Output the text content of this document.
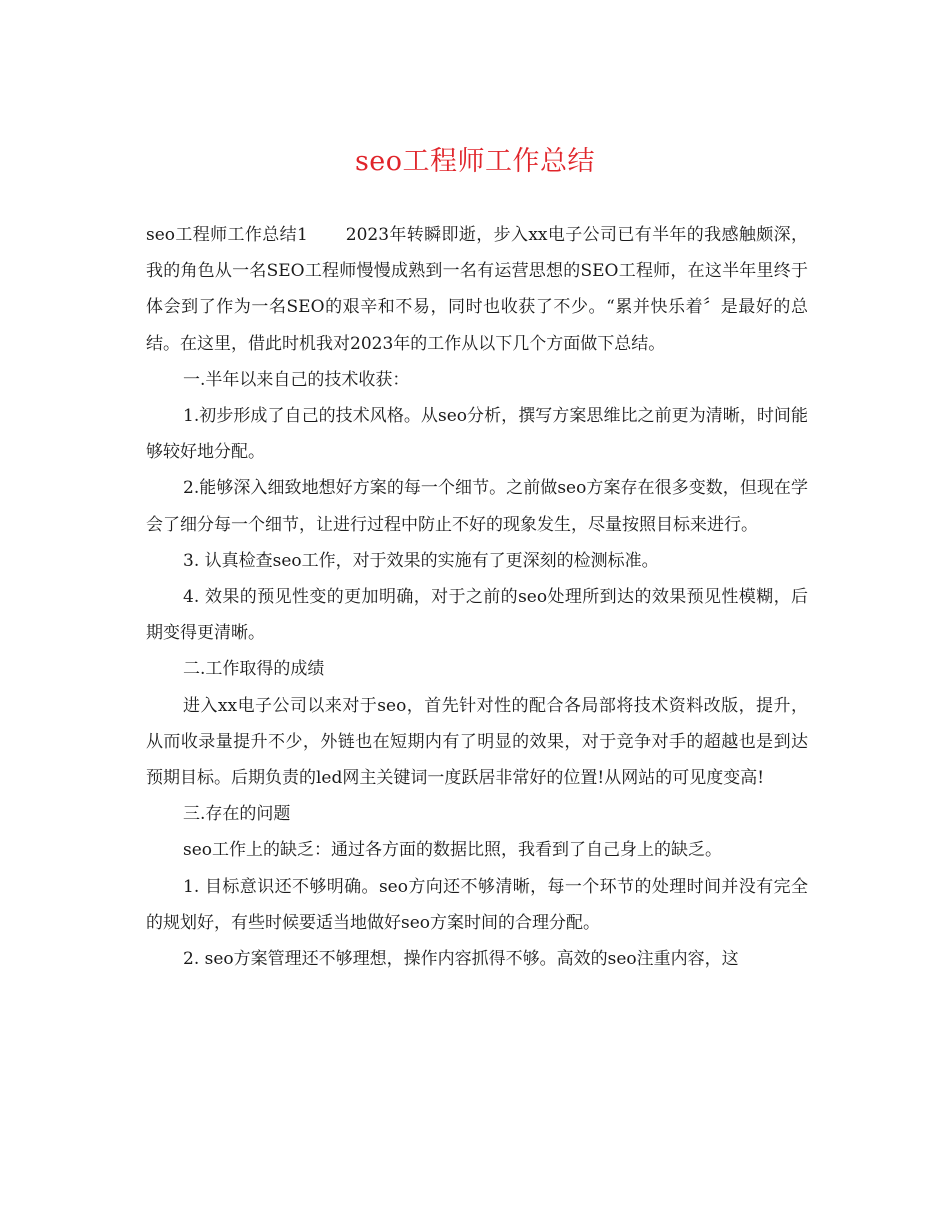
seo工程师工作总结

seo工程师工作总结1 2023年转瞬即逝，步入xx电子公司已有半年的我感触颇深，我的角色从一名SEO工程师慢慢成熟到一名有运营思想的SEO工程师，在这半年里终于体会到了作为一名SEO的艰辛和不易，同时也收获了不少。“累并快乐着〞是最好的总结。在这里，借此时机我对2023年的工作从以下几个方面做下总结。

一.半年以来自己的技术收获：

1.初步形成了自己的技术风格。从seo分析，撰写方案思维比之前更为清晰，时间能够较好地分配。

2.能够深入细致地想好方案的每一个细节。之前做seo方案存在很多变数，但现在学会了细分每一个细节，让进行过程中防止不好的现象发生，尽量按照目标来进行。

3. 认真检查seo工作，对于效果的实施有了更深刻的检测标准。

4. 效果的预见性变的更加明确，对于之前的seo处理所到达的效果预见性模糊，后期变得更清晰。

二.工作取得的成绩

进入xx电子公司以来对于seo，首先针对性的配合各局部将技术资料改版，提升，从而收录量提升不少，外链也在短期内有了明显的效果，对于竞争对手的超越也是到达预期目标。后期负责的led网主关键词一度跃居非常好的位置!从网站的可见度变高!

三.存在的问题

seo工作上的缺乏：通过各方面的数据比照，我看到了自己身上的缺乏。

1. 目标意识还不够明确。seo方向还不够清晰，每一个环节的处理时间并没有完全的规划好，有些时候要适当地做好seo方案时间的合理分配。

2. seo方案管理还不够理想，操作内容抓得不够。高效的seo注重内容，这
